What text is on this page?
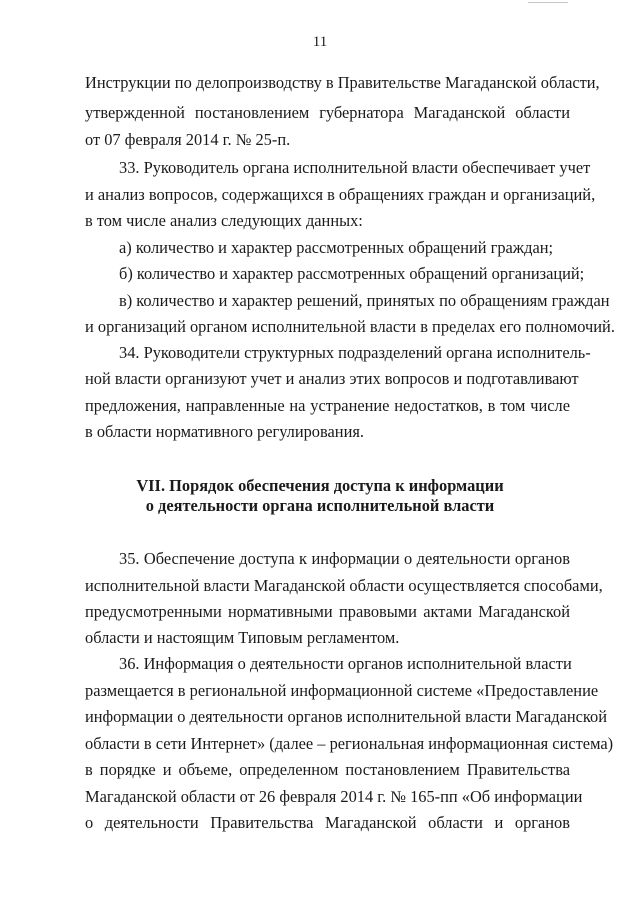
11
Инструкции по делопроизводству в Правительстве Магаданской области,
утвержденной постановлением губернатора Магаданской области
от 07 февраля 2014 г. № 25-п.
33. Руководитель органа исполнительной власти обеспечивает учет
и анализ вопросов, содержащихся в обращениях граждан и организаций,
в том числе анализ следующих данных:
а) количество и характер рассмотренных обращений граждан;
б) количество и характер рассмотренных обращений организаций;
в) количество и характер решений, принятых по обращениям граждан
и организаций органом исполнительной власти в пределах его полномочий.
34. Руководители структурных подразделений органа исполнитель-
ной власти организуют учет и анализ этих вопросов и подготавливают
предложения, направленные на устранение недостатков, в том числе
в области нормативного регулирования.
VII. Порядок обеспечения доступа к информации
о деятельности органа исполнительной власти
35. Обеспечение доступа к информации о деятельности органов
исполнительной власти Магаданской области осуществляется способами,
предусмотренными нормативными правовыми актами Магаданской
области и настоящим Типовым регламентом.
36. Информация о деятельности органов исполнительной власти
размещается в региональной информационной системе «Предоставление
информации о деятельности органов исполнительной власти Магаданской
области в сети Интернет» (далее – региональная информационная система)
в порядке и объеме, определенном постановлением Правительства
Магаданской области от 26 февраля 2014 г. № 165-пп «Об информации
о деятельности Правительства Магаданской области и органов
